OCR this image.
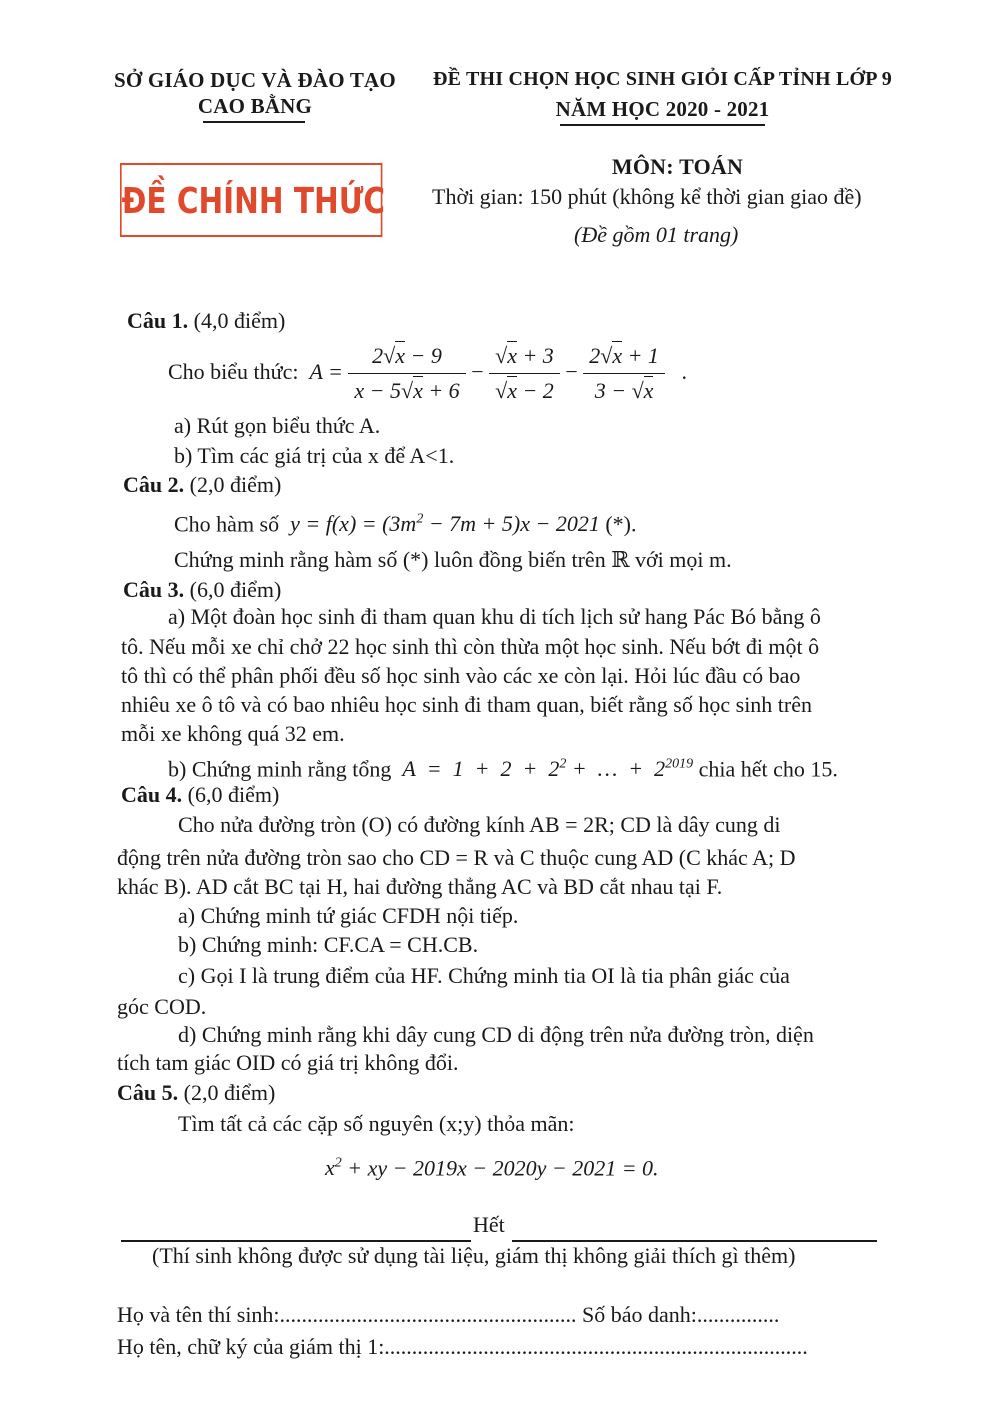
SỞ GIÁO DỤC VÀ ĐÀO TẠO
CAO BẰNG
ĐỀ THI CHỌN HỌC SINH GIỎI CẤP TỈNH LỚP 9
NĂM HỌC 2020 - 2021
ĐỀ CHÍNH THỨC
MÔN: TOÁN
Thời gian: 150 phút (không kể thời gian giao đề)
(Đề gồm 01 trang)
Câu 1. (4,0 điểm)
Cho biểu thức:  $A = \frac{2√x - 9}{x - 5√x + 6} - \frac{√x + 3}{√x - 2} - \frac{2√x + 1}{3 - √x}$ .
a) Rút gọn biểu thức A.
b) Tìm các giá trị của x để A<1.
Câu 2. (2,0 điểm)
Cho hàm số  $y = f(x) = (3m^2 - 7m + 5)x - 2021$ (*).
Chứng minh rằng hàm số (*) luôn đồng biến trên ℝ với mọi m.
Câu 3. (6,0 điểm)
a) Một đoàn học sinh đi tham quan khu di tích lịch sử hang Pác Bó bằng ô
tô. Nếu mỗi xe chỉ chở 22 học sinh thì còn thừa một học sinh. Nếu bớt đi một ô
tô thì có thể phân phối đều số học sinh vào các xe còn lại. Hỏi lúc đầu có bao
nhiêu xe ô tô và có bao nhiêu học sinh đi tham quan, biết rằng số học sinh trên
mỗi xe không quá 32 em.
b) Chứng minh rằng tổng  $A = 1 + 2 + 2^2$ +  …  +  $2^{2019}$ chia hết cho 15.
Câu 4. (6,0 điểm)
Cho nửa đường tròn (O) có đường kính AB = 2R; CD là dây cung di
động trên nửa đường tròn sao cho CD = R và C thuộc cung AD (C khác A; D
khác B). AD cắt BC tại H, hai đường thẳng AC và BD cắt nhau tại F.
a) Chứng minh tứ giác CFDH nội tiếp.
b) Chứng minh: CF.CA = CH.CB.
c) Gọi I là trung điểm của HF. Chứng minh tia OI là tia phân giác của
góc COD.
d) Chứng minh rằng khi dây cung CD di động trên nửa đường tròn, diện
tích tam giác OID có giá trị không đổi.
Câu 5. (2,0 điểm)
Tìm tất cả các cặp số nguyên (x;y) thỏa mãn:
$x^2$ + xy − 2019x − 2020y − 2021 = 0.
Hết
(Thí sinh không được sử dụng tài liệu, giám thị không giải thích gì thêm)
Họ và tên thí sinh:...................................................... Số báo danh:...............
Họ tên, chữ ký của giám thị 1:.............................................................................
